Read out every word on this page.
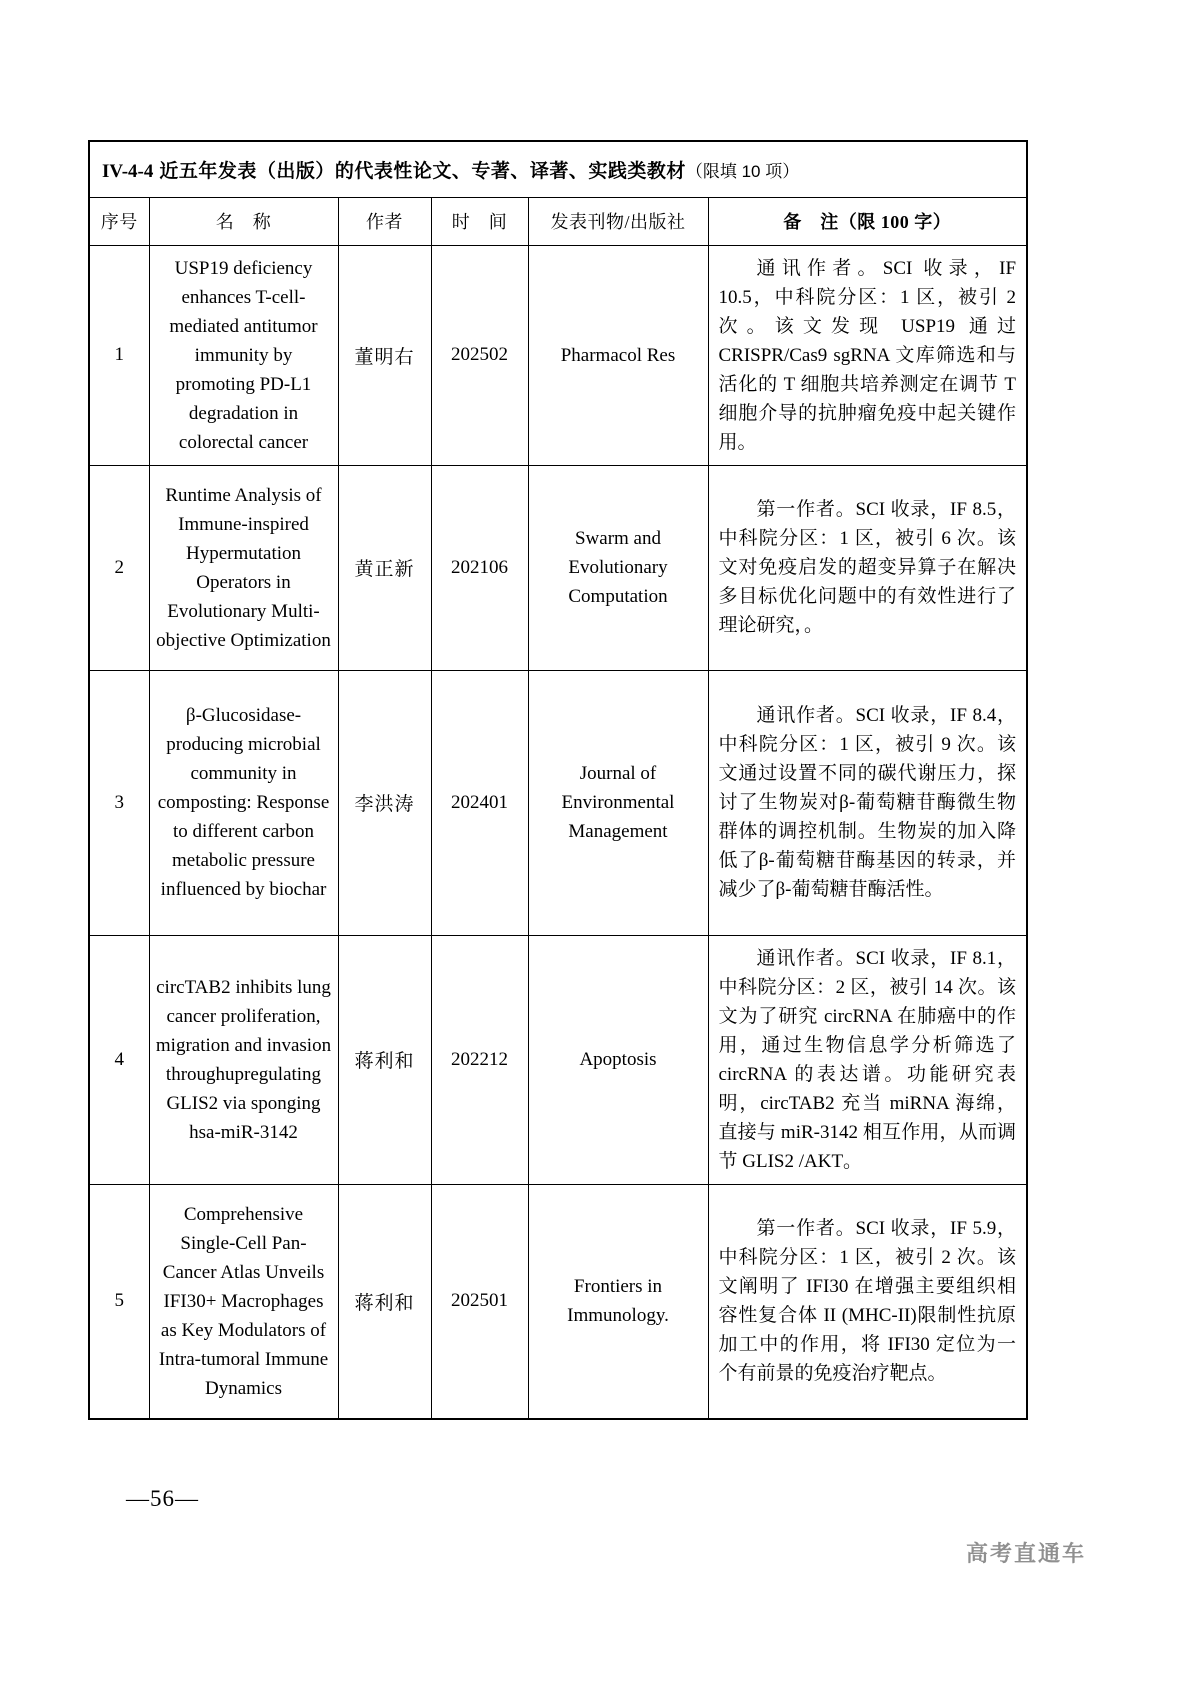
IV-4-4 近五年发表（出版）的代表性论文、专著、译著、实践类教材（限填 10 项）					
序号	名　称	作者	时　间	发表刊物/出版社	备　注（限 100 字）
1	USP19 deficiency enhances T-cell-mediated antitumor immunity by promoting PD-L1 degradation in colorectal cancer	董明右	202502	Pharmacol Res	通讯作者。SCI 收录，IF 10.5，中科院分区：1 区，被引 2 次。该文发现 USP19 通过 CRISPR/Cas9 sgRNA 文库筛选和与活化的 T 细胞共培养测定在调节 T 细胞介导的抗肿瘤免疫中起关键作用。

2	Runtime Analysis of Immune-inspired Hypermutation Operators in Evolutionary Multi-objective Optimization	黄正新	202106	Swarm and Evolutionary Computation	第一作者。SCI 收录，IF 8.5，中科院分区：1 区，被引 6 次。该文对免疫启发的超变异算子在解决多目标优化问题中的有效性进行了理论研究，。

3	β-Glucosidase-producing microbial community in composting: Response to different carbon metabolic pressure influenced by biochar	李洪涛	202401	Journal of Environmental Management	通讯作者。SCI 收录，IF 8.4，中科院分区：1 区，被引 9 次。该文通过设置不同的碳代谢压力，探讨了生物炭对β-葡萄糖苷酶微生物群体的调控机制。生物炭的加入降低了β-葡萄糖苷酶基因的转录，并减少了β-葡萄糖苷酶活性。

4	circTAB2 inhibits lung cancer proliferation, migration and invasion throughupregulating GLIS2 via sponging hsa-miR-3142	蒋利和	202212	Apoptosis	通讯作者。SCI 收录，IF 8.1，中科院分区：2 区，被引 14 次。该文为了研究 circRNA 在肺癌中的作用，通过生物信息学分析筛选了 circRNA 的表达谱。功能研究表明，circTAB2 充当 miRNA 海绵，直接与 miR-3142 相互作用，从而调节 GLIS2 /AKT。

5	Comprehensive Single-Cell Pan-Cancer Atlas Unveils IFI30+ Macrophages as Key Modulators of Intra-tumoral Immune Dynamics	蒋利和	202501	Frontiers in Immunology.	第一作者。SCI 收录，IF 5.9，中科院分区：1 区，被引 2 次。该文阐明了 IFI30 在增强主要组织相容性复合体 II (MHC-II)限制性抗原加工中的作用，将 IFI30 定位为一个有前景的免疫治疗靶点。

—56—
高考直通车
